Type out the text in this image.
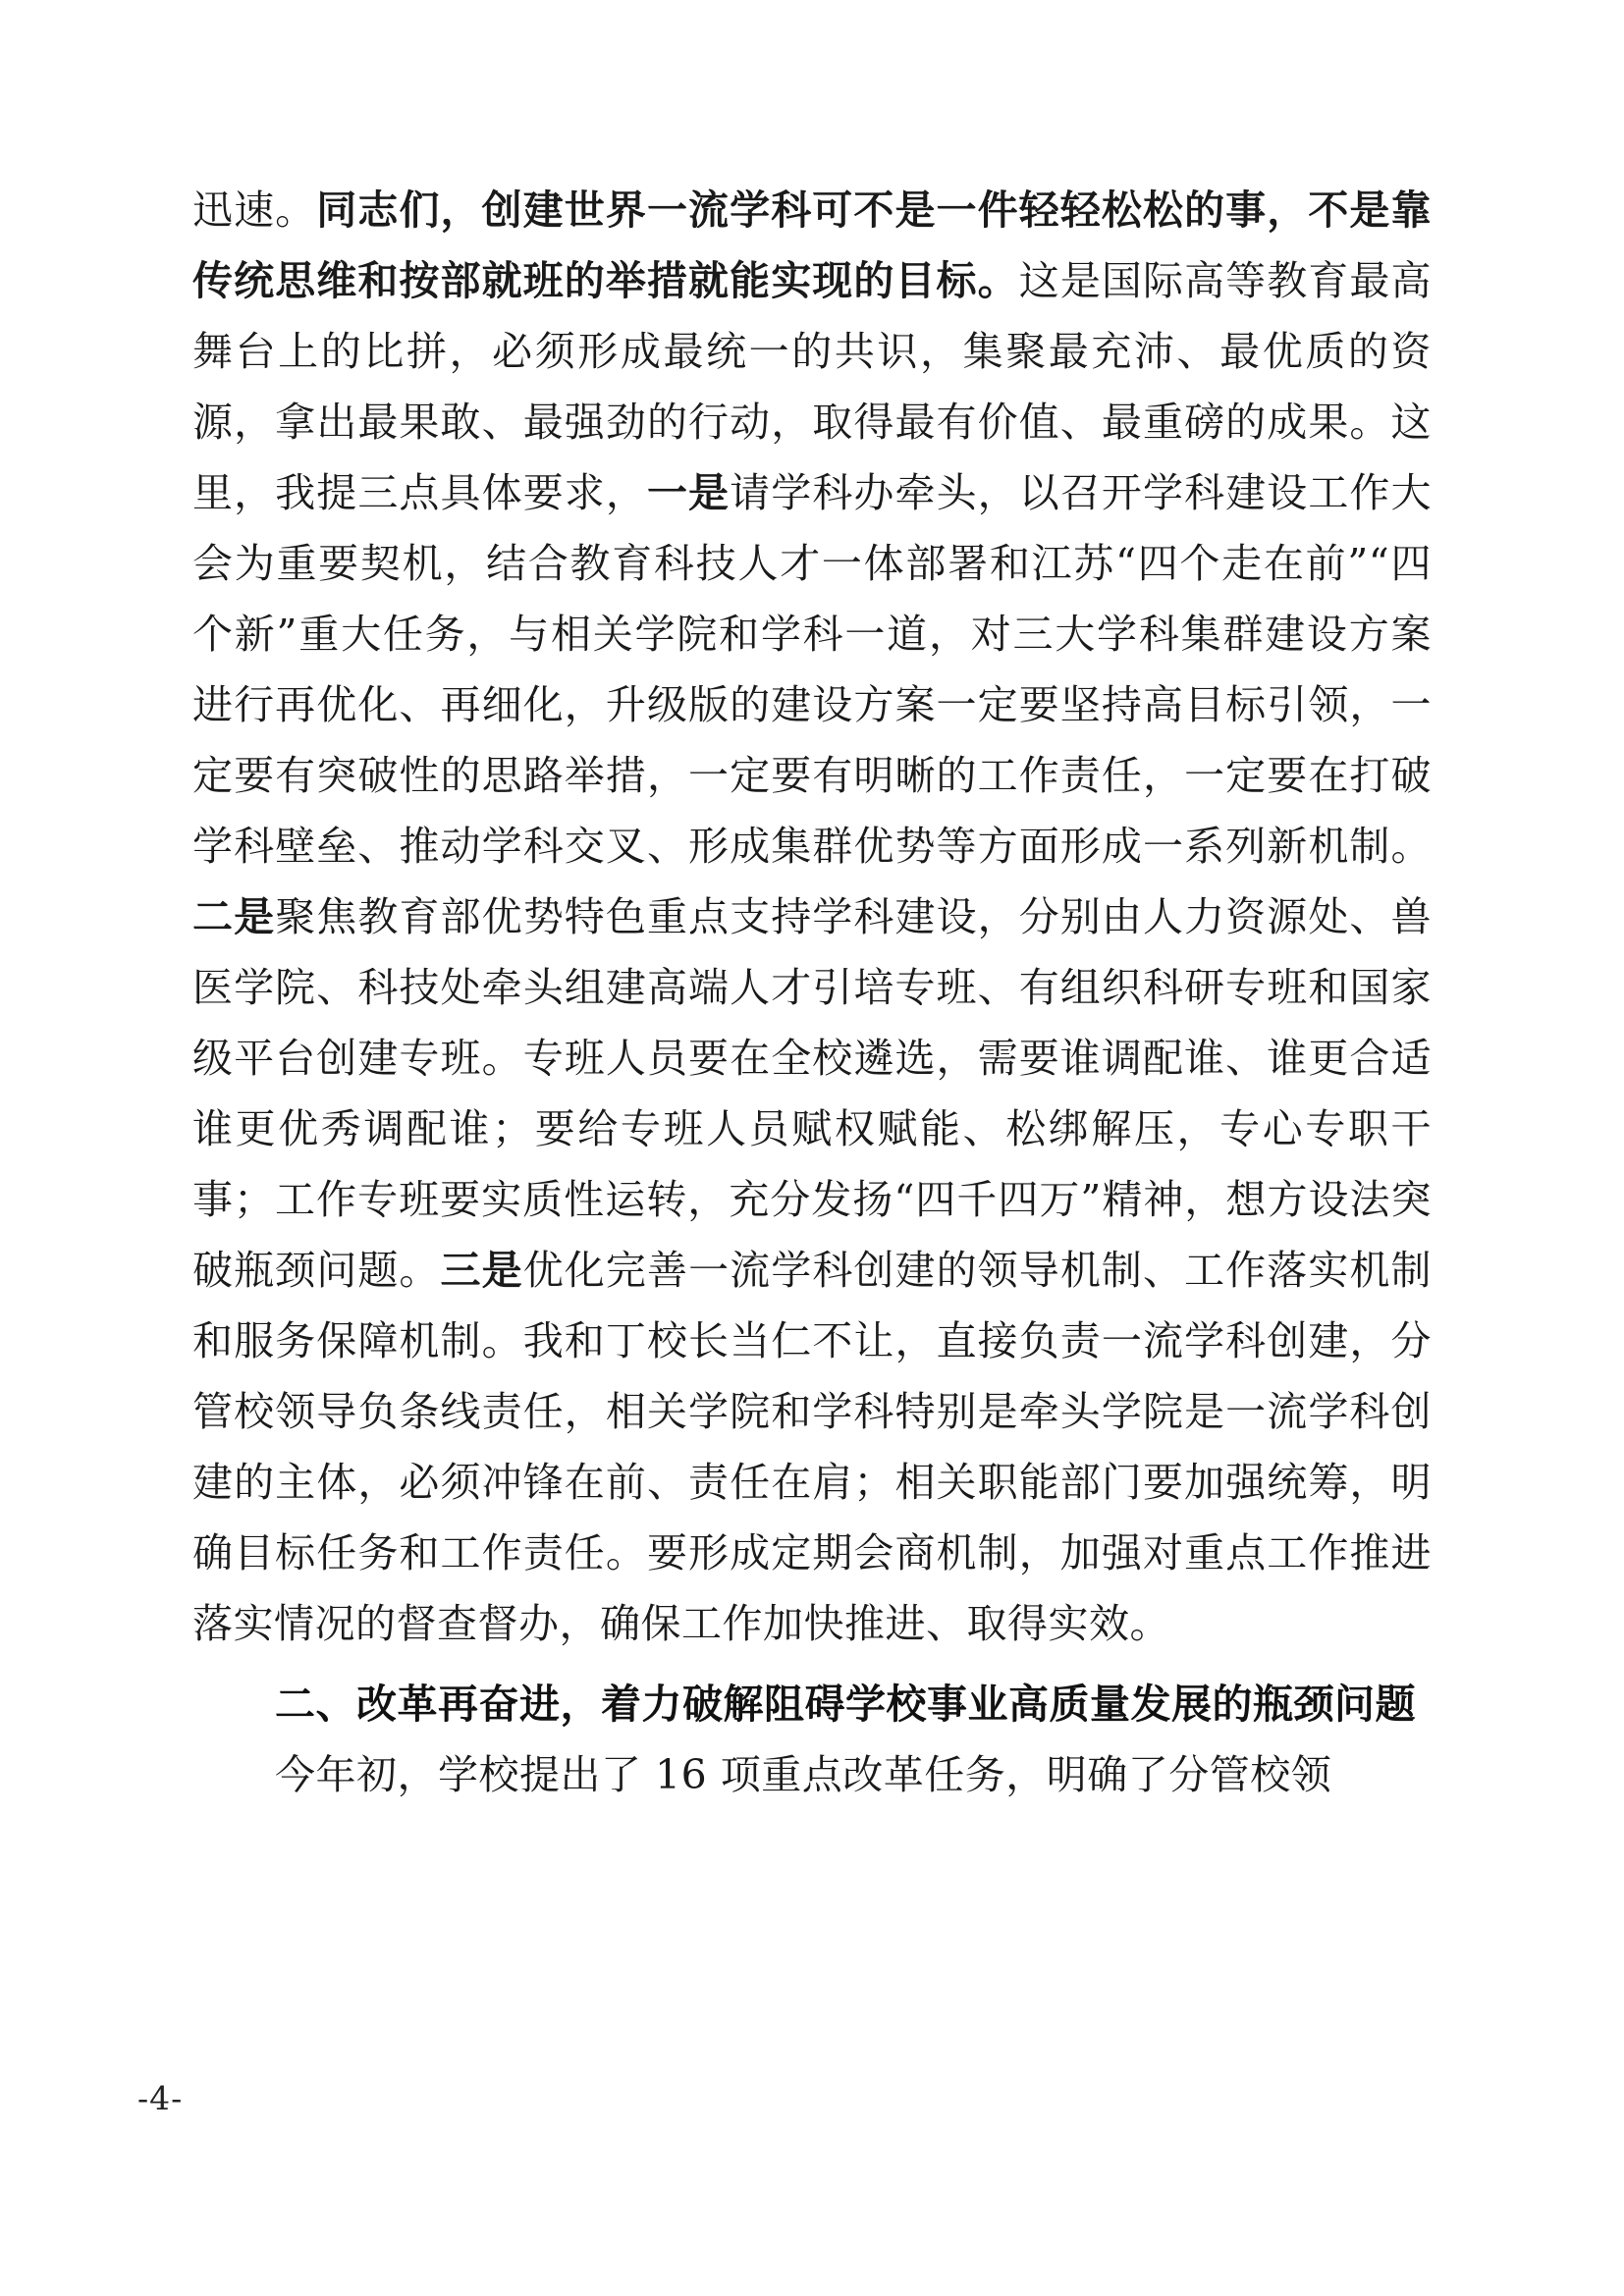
迅速。同志们，创建世界一流学科可不是一件轻轻松松的事，不是靠传统思维和按部就班的举措就能实现的目标。这是国际高等教育最高舞台上的比拼，必须形成最统一的共识，集聚最充沛、最优质的资源，拿出最果敢、最强劲的行动，取得最有价值、最重磅的成果。这里，我提三点具体要求，一是请学科办牵头，以召开学科建设工作大会为重要契机，结合教育科技人才一体部署和江苏“四个走在前”“四个新”重大任务，与相关学院和学科一道，对三大学科集群建设方案进行再优化、再细化，升级版的建设方案一定要坚持高目标引领，一定要有突破性的思路举措，一定要有明晰的工作责任，一定要在打破学科壁垒、推动学科交叉、形成集群优势等方面形成一系列新机制。二是聚焦教育部优势特色重点支持学科建设，分别由人力资源处、兽医学院、科技处牵头组建高端人才引培专班、有组织科研专班和国家级平台创建专班。专班人员要在全校遴选，需要谁调配谁、谁更合适谁更优秀调配谁；要给专班人员赋权赋能、松绑解压，专心专职干事；工作专班要实质性运转，充分发扬“四千四万”精神，想方设法突破瓶颈问题。三是优化完善一流学科创建的领导机制、工作落实机制和服务保障机制。我和丁校长当仁不让，直接负责一流学科创建，分管校领导负条线责任，相关学院和学科特别是牵头学院是一流学科创建的主体，必须冲锋在前、责任在肩；相关职能部门要加强统筹，明确目标任务和工作责任。要形成定期会商机制，加强对重点工作推进落实情况的督查督办，确保工作加快推进、取得实效。

二、改革再奋进，着力破解阻碍学校事业高质量发展的瓶颈问题

今年初，学校提出了 16 项重点改革任务，明确了分管校领

-4-
